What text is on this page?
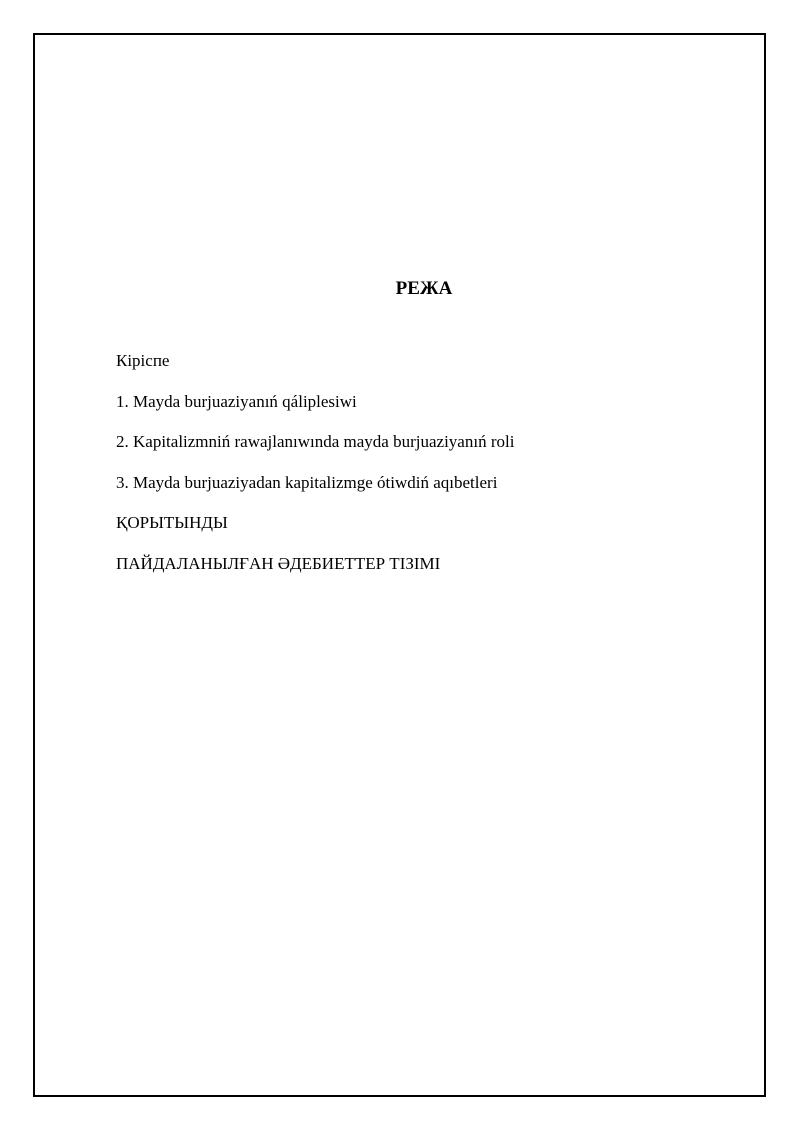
РЕЖА
Кiрiспе
1. Mayda burjuaziyanıń qáliplesiwi
2. Kapitalizmniń rawajlanıwında mayda burjuaziyanıń roli
3. Mayda burjuaziyadan kapitalizmge ótiwdiń aqıbetleri
ҚОРЫТЫНДЫ
ПАЙДАЛАНЫЛҒАН ӘДЕБИЕТТЕР ТIЗIМI
